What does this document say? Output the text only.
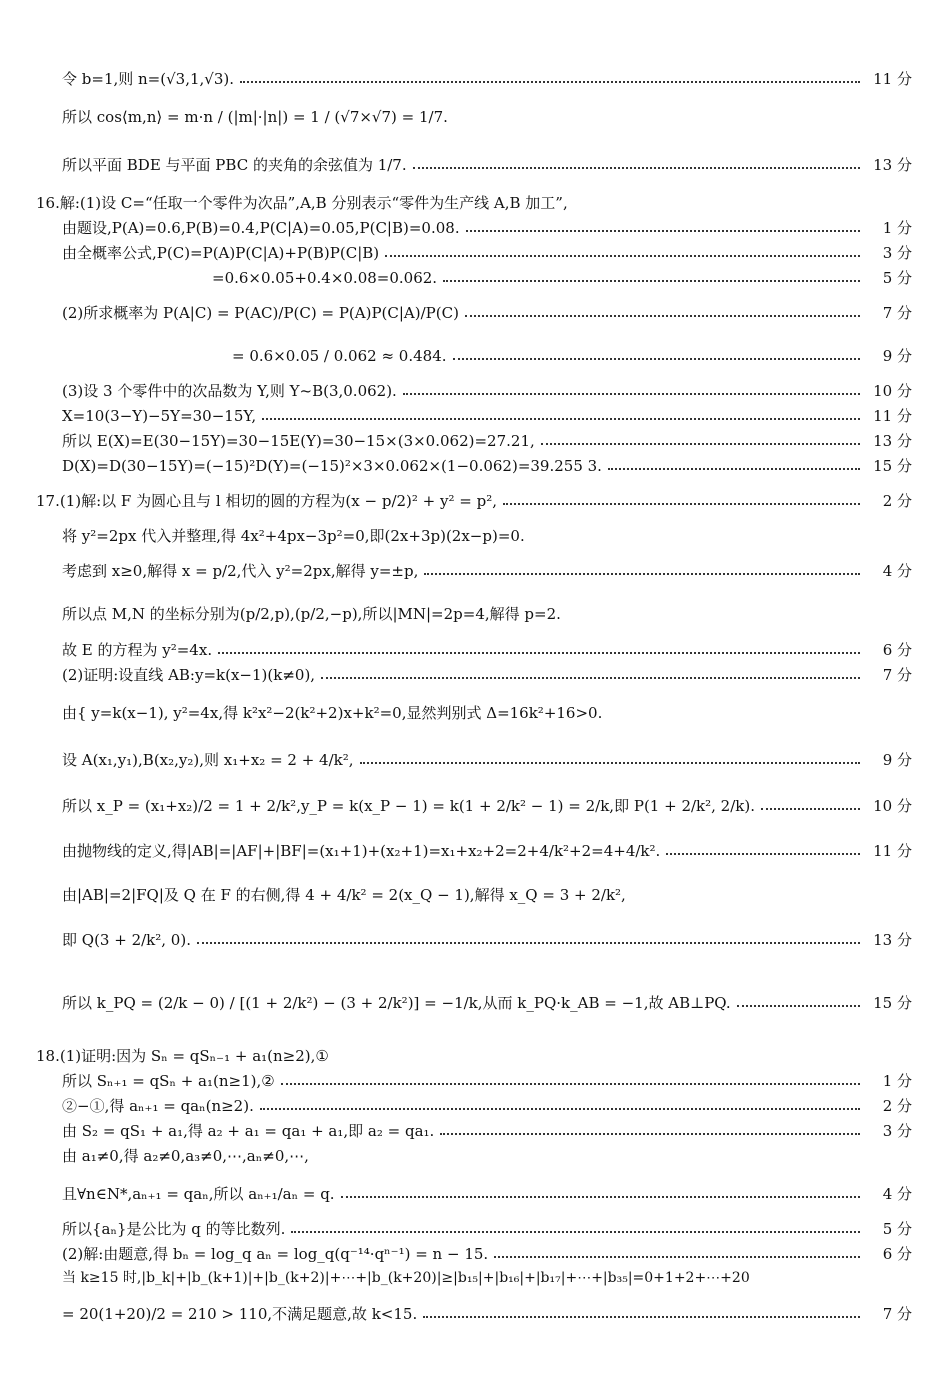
令 b=1,则 n=(√3,1,√3).	11 分
所以 cos⟨m,n⟩ = m·n / (|m|·|n|) = 1 / (√7×√7) = 1/7.
所以平面 BDE 与平面 PBC 的夹角的余弦值为 1/7.	13 分
16.解:(1)设 C=“任取一个零件为次品”,A,B 分别表示“零件为生产线 A,B 加工”,
由题设,P(A)=0.6,P(B)=0.4,P(C|A)=0.05,P(C|B)=0.08.	1 分
由全概率公式,P(C)=P(A)P(C|A)+P(B)P(C|B)	3 分
=0.6×0.05+0.4×0.08=0.062.	5 分
(2)所求概率为 P(A|C) = P(AC)/P(C) = P(A)P(C|A)/P(C)	7 分
= 0.6×0.05 / 0.062 ≈ 0.484.	9 分
(3)设 3 个零件中的次品数为 Y,则 Y~B(3,0.062).	10 分
X=10(3−Y)−5Y=30−15Y,	11 分
所以 E(X)=E(30−15Y)=30−15E(Y)=30−15×(3×0.062)=27.21,	13 分
D(X)=D(30−15Y)=(−15)²D(Y)=(−15)²×3×0.062×(1−0.062)=39.255 3.	15 分
17.(1)解:以 F 为圆心且与 l 相切的圆的方程为(x − p/2)² + y² = p²,	2 分
将 y²=2px 代入并整理,得 4x²+4px−3p²=0,即(2x+3p)(2x−p)=0.
考虑到 x≥0,解得 x = p/2,代入 y²=2px,解得 y=±p,	4 分
所以点 M,N 的坐标分别为(p/2,p),(p/2,−p),所以|MN|=2p=4,解得 p=2.
故 E 的方程为 y²=4x.	6 分
(2)证明:设直线 AB:y=k(x−1)(k≠0),	7 分
由{ y=k(x−1), y²=4x,得 k²x²−2(k²+2)x+k²=0,显然判别式 Δ=16k²+16>0.
设 A(x₁,y₁),B(x₂,y₂),则 x₁+x₂ = 2 + 4/k²,	9 分
所以 x_P = (x₁+x₂)/2 = 1 + 2/k²,y_P = k(x_P − 1) = k(1 + 2/k² − 1) = 2/k,即 P(1 + 2/k², 2/k).	10 分
由抛物线的定义,得|AB|=|AF|+|BF|=(x₁+1)+(x₂+1)=x₁+x₂+2=2+4/k²+2=4+4/k².	11 分
由|AB|=2|FQ|及 Q 在 F 的右侧,得 4 + 4/k² = 2(x_Q − 1),解得 x_Q = 3 + 2/k²,
即 Q(3 + 2/k², 0).	13 分
所以 k_PQ = (2/k − 0) / [(1 + 2/k²) − (3 + 2/k²)] = −1/k,从而 k_PQ·k_AB = −1,故 AB⊥PQ.	15 分
18.(1)证明:因为 Sₙ = qSₙ₋₁ + a₁(n≥2),①
所以 Sₙ₊₁ = qSₙ + a₁(n≥1),②	1 分
②−①,得 aₙ₊₁ = qaₙ(n≥2).	2 分
由 S₂ = qS₁ + a₁,得 a₂ + a₁ = qa₁ + a₁,即 a₂ = qa₁.	3 分
由 a₁≠0,得 a₂≠0,a₃≠0,⋯,aₙ≠0,⋯,
且∀n∈N*,aₙ₊₁ = qaₙ,所以 aₙ₊₁/aₙ = q.	4 分
所以{aₙ}是公比为 q 的等比数列.	5 分
(2)解:由题意,得 bₙ = log_q aₙ = log_q(q⁻¹⁴·qⁿ⁻¹) = n − 15.	6 分
当 k≥15 时,|b_k|+|b_(k+1)|+|b_(k+2)|+⋯+|b_(k+20)|≥|b₁₅|+|b₁₆|+|b₁₇|+⋯+|b₃₅|=0+1+2+⋯+20
= 20(1+20)/2 = 210 > 110,不满足题意,故 k<15.	7 分
